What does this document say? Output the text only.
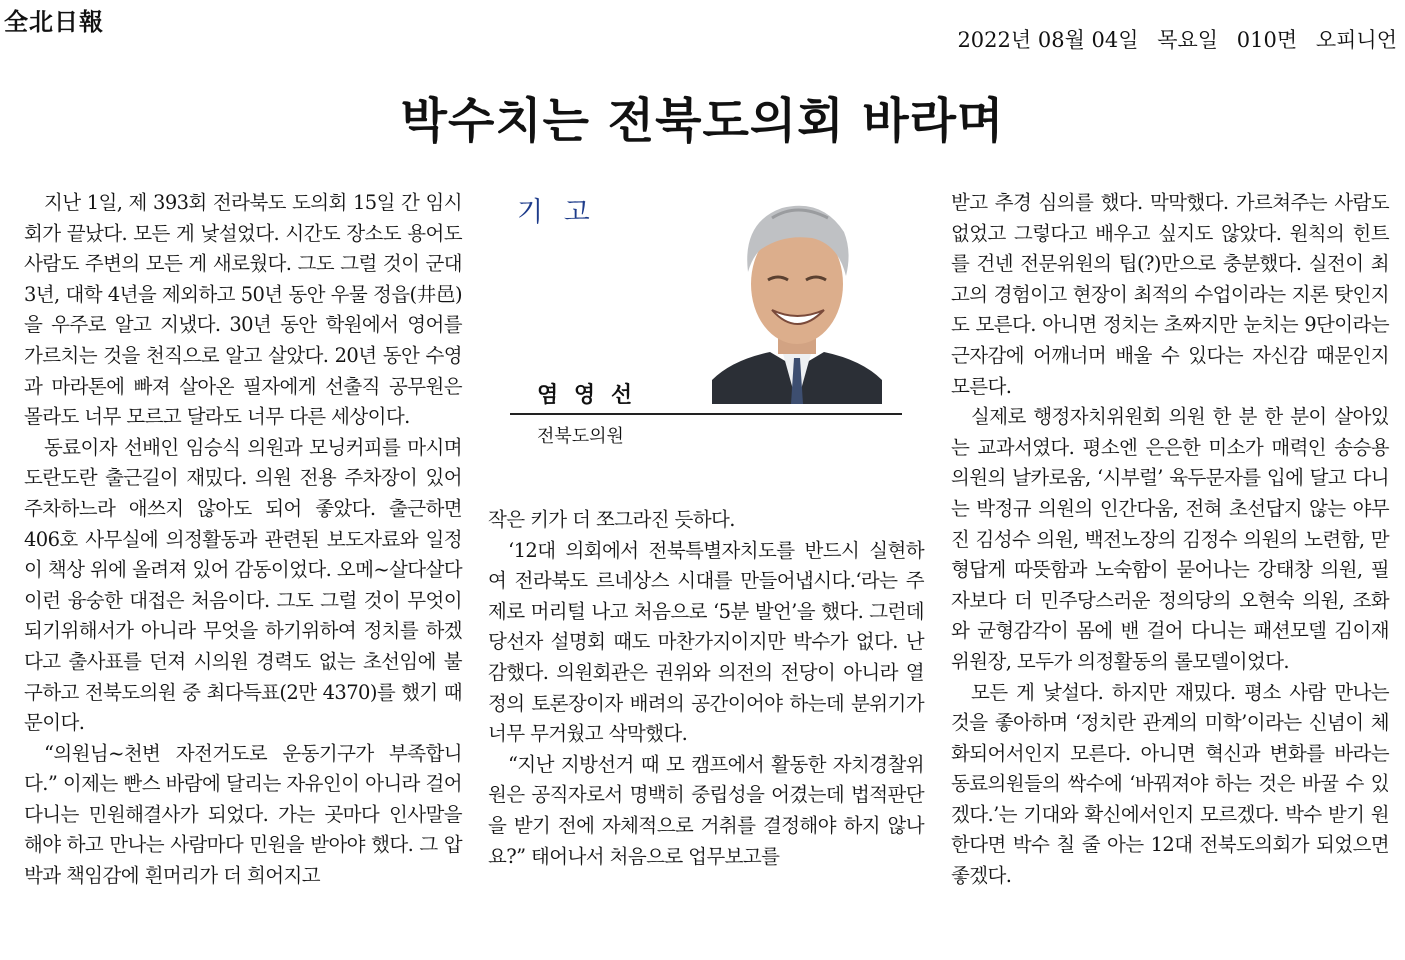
全北日報
2022년 08월 04일 목요일 010면 오피니언
박수치는 전북도의회 바라며

지난 1일, 제 393회 전라북도 도의회 15일 간 임시회가 끝났다. 모든 게 낯설었다. 시간도 장소도 용어도 사람도 주변의 모든 게 새로웠다. 그도 그럴 것이 군대 3년, 대학 4년을 제외하고 50년 동안 우물 정읍(井邑)을 우주로 알고 지냈다. 30년 동안 학원에서 영어를 가르치는 것을 천직으로 알고 살았다. 20년 동안 수영과 마라톤에 빠져 살아온 필자에게 선출직 공무원은 몰라도 너무 모르고 달라도 너무 다른 세상이다.

동료이자 선배인 임승식 의원과 모닝커피를 마시며 도란도란 출근길이 재밌다. 의원 전용 주차장이 있어 주차하느라 애쓰지 않아도 되어 좋았다. 출근하면 406호 사무실에 의정활동과 관련된 보도자료와 일정이 책상 위에 올려져 있어 감동이었다. 오메~살다살다 이런 융숭한 대접은 처음이다. 그도 그럴 것이 무엇이 되기위해서가 아니라 무엇을 하기위하여 정치를 하겠다고 출사표를 던져 시의원 경력도 없는 초선임에 불구하고 전북도의원 중 최다득표(2만 4370)를 했기 때문이다.

“의원님~천변 자전거도로 운동기구가 부족합니다.” 이제는 빤스 바람에 달리는 자유인이 아니라 걸어 다니는 민원해결사가 되었다. 가는 곳마다 인사말을 해야 하고 만나는 사람마다 민원을 받아야 했다. 그 압박과 책임감에 흰머리가 더 희어지고

기 고
염 영 선
전북도의원

작은 키가 더 쪼그라진 듯하다.

‘12대 의회에서 전북특별자치도를 반드시 실현하여 전라북도 르네상스 시대를 만들어냅시다.‘라는 주제로 머리털 나고 처음으로 ‘5분 발언’을 했다. 그런데 당선자 설명회 때도 마찬가지이지만 박수가 없다. 난감했다. 의원회관은 권위와 의전의 전당이 아니라 열정의 토론장이자 배려의 공간이어야 하는데 분위기가 너무 무거웠고 삭막했다.

“지난 지방선거 때 모 캠프에서 활동한 자치경찰위원은 공직자로서 명백히 중립성을 어겼는데 법적판단을 받기 전에 자체적으로 거취를 결정해야 하지 않나요?” 태어나서 처음으로 업무보고를

받고 추경 심의를 했다. 막막했다. 가르쳐주는 사람도 없었고 그렇다고 배우고 싶지도 않았다. 원칙의 힌트를 건넨 전문위원의 팁(?)만으로 충분했다. 실전이 최고의 경험이고 현장이 최적의 수업이라는 지론 탓인지도 모른다. 아니면 정치는 초짜지만 눈치는 9단이라는 근자감에 어깨너머 배울 수 있다는 자신감 때문인지 모른다.

실제로 행정자치위원회 의원 한 분 한 분이 살아있는 교과서였다. 평소엔 은은한 미소가 매력인 송승용 의원의 날카로움, ‘시부럴’ 육두문자를 입에 달고 다니는 박정규 의원의 인간다움, 전혀 초선답지 않는 야무진 김성수 의원, 백전노장의 김정수 의원의 노련함, 맏형답게 따뜻함과 노숙함이 묻어나는 강태창 의원, 필자보다 더 민주당스러운 정의당의 오현숙 의원, 조화와 균형감각이 몸에 밴 걸어 다니는 패션모델 김이재 위원장, 모두가 의정활동의 롤모델이었다.

모든 게 낯설다. 하지만 재밌다. 평소 사람 만나는 것을 좋아하며 ‘정치란 관계의 미학’이라는 신념이 체화되어서인지 모른다. 아니면 혁신과 변화를 바라는 동료의원들의 싹수에 ‘바꿔져야 하는 것은 바꿀 수 있겠다.’는 기대와 확신에서인지 모르겠다. 박수 받기 원한다면 박수 칠 줄 아는 12대 전북도의회가 되었으면 좋겠다.
